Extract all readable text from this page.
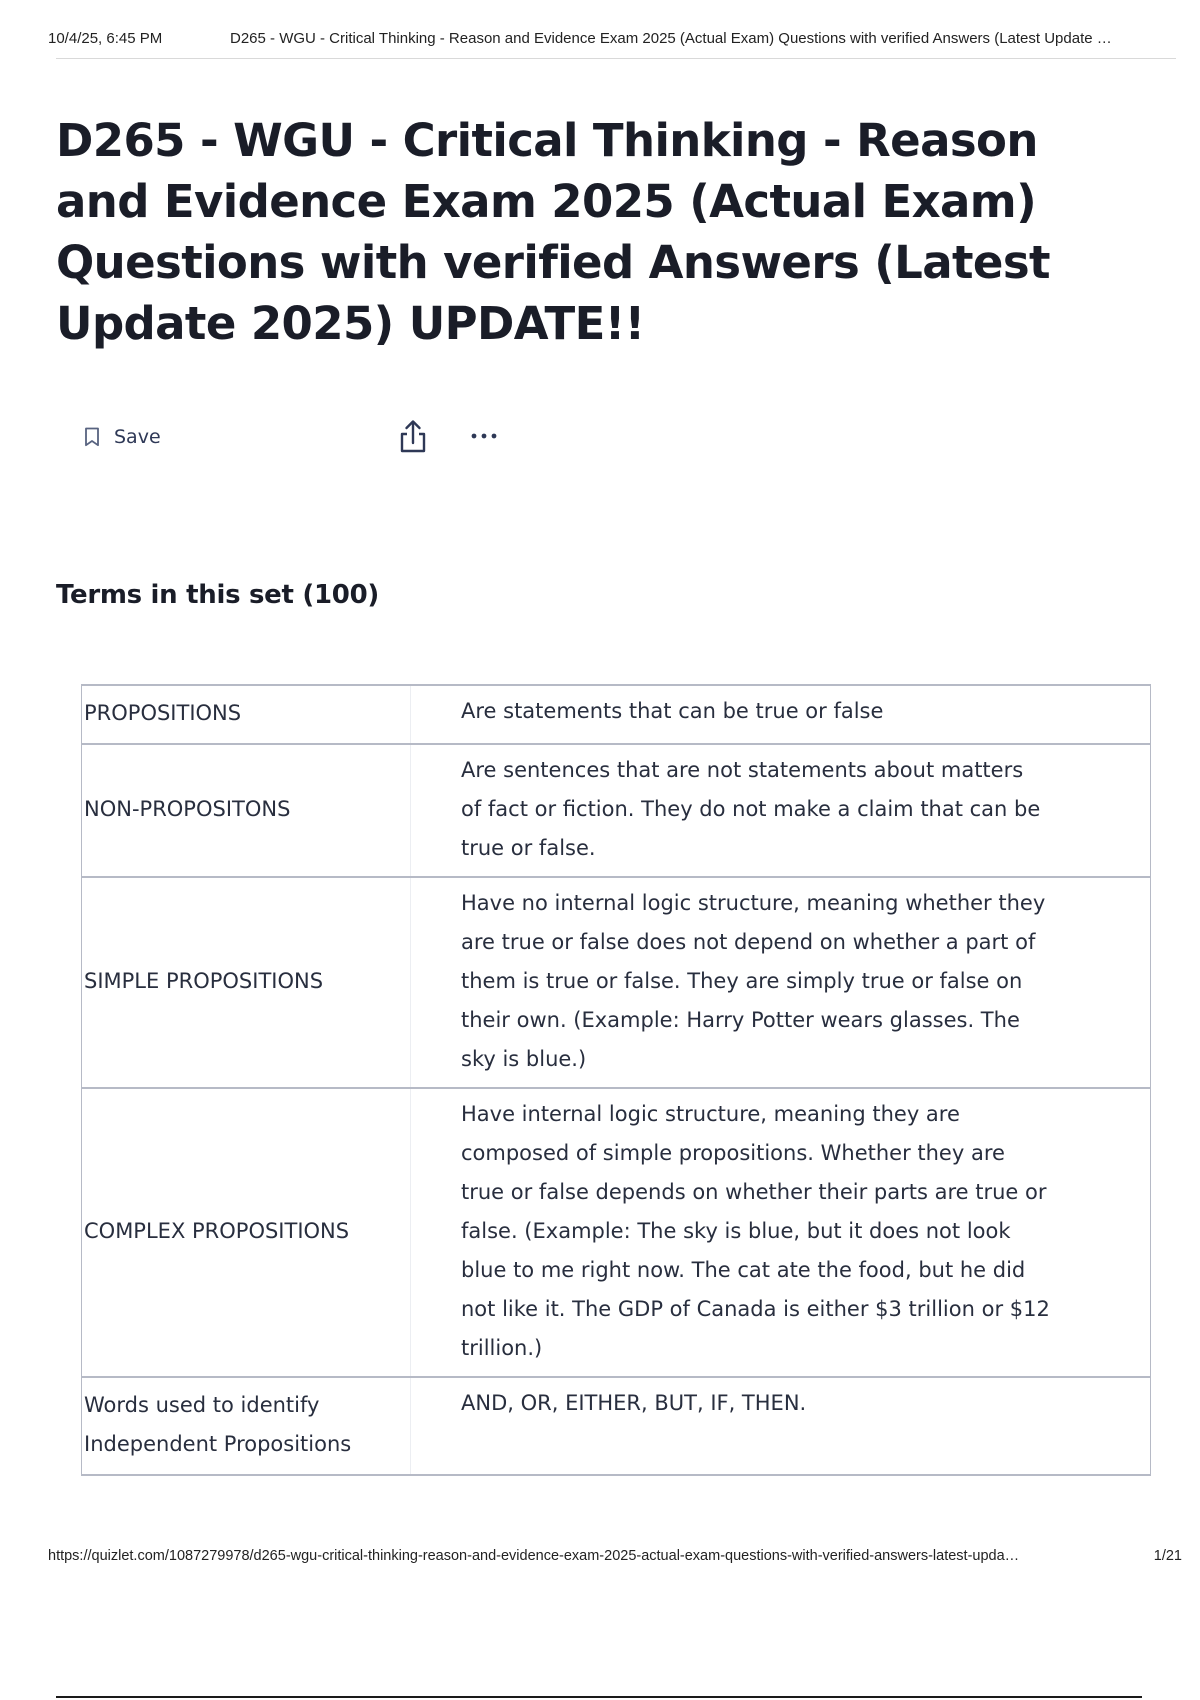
10/4/25, 6:45 PM	D265 - WGU - Critical Thinking - Reason and Evidence Exam 2025 (Actual Exam) Questions with verified Answers (Latest Update …
D265 - WGU - Critical Thinking - Reason and Evidence Exam 2025 (Actual Exam) Questions with verified Answers (Latest Update 2025) UPDATE!!
Save
Terms in this set (100)
PROPOSITIONS	Are statements that can be true or false
NON-PROPOSITONS	Are sentences that are not statements about matters of fact or fiction. They do not make a claim that can be true or false.
SIMPLE PROPOSITIONS	Have no internal logic structure, meaning whether they are true or false does not depend on whether a part of them is true or false. They are simply true or false on their own. (Example: Harry Potter wears glasses. The sky is blue.)
COMPLEX PROPOSITIONS	Have internal logic structure, meaning they are composed of simple propositions. Whether they are true or false depends on whether their parts are true or false. (Example: The sky is blue, but it does not look blue to me right now. The cat ate the food, but he did not like it. The GDP of Canada is either $3 trillion or $12 trillion.)
Words used to identify Independent Propositions	AND, OR, EITHER, BUT, IF, THEN.
https://quizlet.com/1087279978/d265-wgu-critical-thinking-reason-and-evidence-exam-2025-actual-exam-questions-with-verified-answers-latest-upda…	1/21
